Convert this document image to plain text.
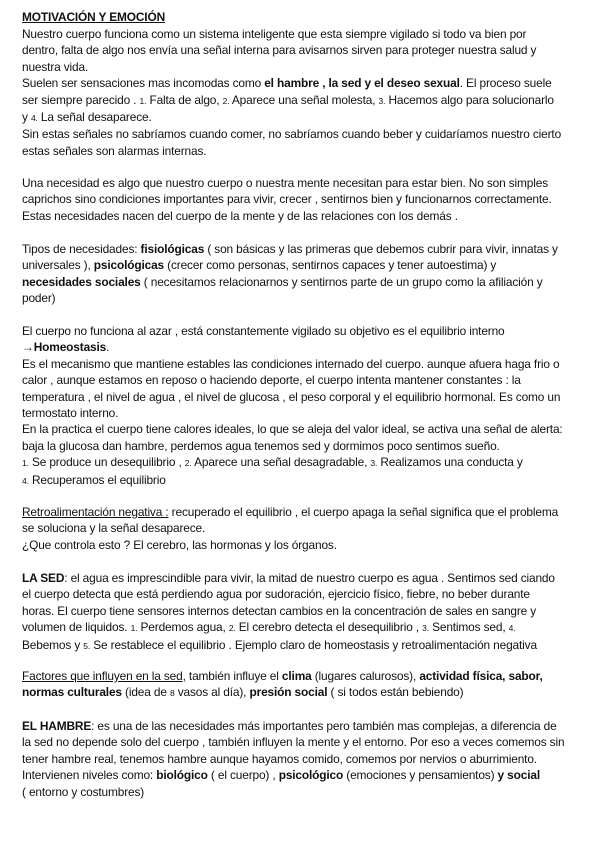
MOTIVACIÓN Y EMOCIÓN
Nuestro cuerpo funciona como un sistema inteligente que esta siempre vigilado si todo va bien por
dentro, falta de algo nos envía una señal interna para avisarnos sirven para proteger nuestra salud y
nuestra vida.
Suelen ser sensaciones mas incomodas como el hambre , la sed y el deseo sexual. El proceso suele
ser siempre parecido . 1. Falta de algo, 2. Aparece una señal molesta, 3. Hacemos algo para solucionarlo
y 4. La señal desaparece.
Sin estas señales no sabríamos cuando comer, no sabríamos cuando beber y cuidaríamos nuestro cierto
estas señales son alarmas internas.
Una necesidad es algo que nuestro cuerpo o nuestra mente necesitan para estar bien. No son simples
caprichos sino condiciones importantes para vivir, crecer , sentirnos bien y funcionarnos correctamente.
Estas necesidades nacen del cuerpo de la mente y de las relaciones con los demás .
Tipos de necesidades: fisiológicas ( son básicas y las primeras que debemos cubrir para vivir, innatas y
universales ), psicológicas (crecer como personas, sentirnos capaces y tener autoestima) y
necesidades sociales ( necesitamos relacionarnos y sentirnos parte de un grupo como la afiliación y
poder)
El cuerpo no funciona al azar , está constantemente vigilado su objetivo es el equilibrio interno
→Homeostasis.
Es el mecanismo que mantiene estables las condiciones internado del cuerpo. aunque afuera haga frio o
calor , aunque estamos en reposo o haciendo deporte, el cuerpo intenta mantener constantes : la
temperatura , el nivel de agua , el nivel de glucosa , el peso corporal y el equilibrio hormonal. Es como un
termostato interno.
En la practica el cuerpo tiene calores ideales, lo que se aleja del valor ideal, se activa una señal de alerta:
baja la glucosa dan hambre, perdemos agua tenemos sed y dormimos poco sentimos sueño.
1. Se produce un desequilibrio , 2. Aparece una señal desagradable, 3. Realizamos una conducta y
4. Recuperamos el equilibrio
Retroalimentación negativa : recuperado el equilibrio , el cuerpo apaga la señal significa que el problema
se soluciona y la señal desaparece.
¿Que controla esto ? El cerebro, las hormonas y los órganos.
LA SED: el agua es imprescindible para vivir, la mitad de nuestro cuerpo es agua . Sentimos sed ciando
el cuerpo detecta que está perdiendo agua por sudoración, ejercicio físico, fiebre, no beber durante
horas. El cuerpo tiene sensores internos detectan cambios en la concentración de sales en sangre y
volumen de liquidos. 1. Perdemos agua, 2. El cerebro detecta el desequilibrio , 3. Sentimos sed, 4.
Bebemos y 5. Se restablece el equilibrio . Ejemplo claro de homeostasis y retroalimentación negativa
Factores que influyen en la sed, también influye el clima (lugares calurosos), actividad física, sabor,
normas culturales (idea de 8 vasos al día), presión social ( si todos están bebiendo)
EL HAMBRE: es una de las necesidades más importantes pero también mas complejas, a diferencia de
la sed no depende solo del cuerpo , también influyen la mente y el entorno. Por eso a veces comemos sin
tener hambre real, tenemos hambre aunque hayamos comido, comemos por nervios o aburrimiento.
Intervienen niveles como: biológico ( el cuerpo) , psicológico (emociones y pensamientos) y social
( entorno y costumbres)
